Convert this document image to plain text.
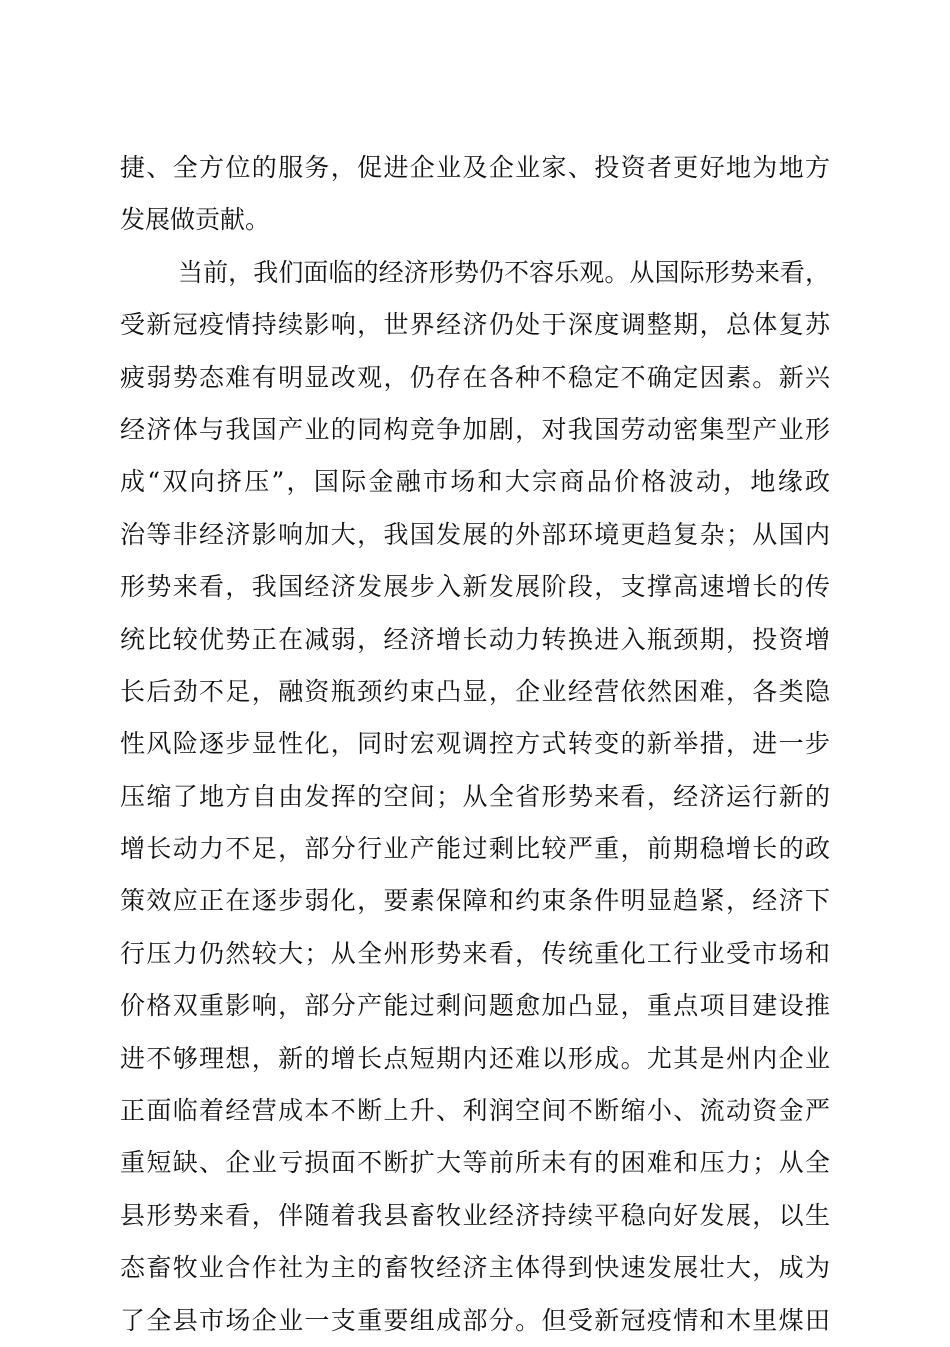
捷、全方位的服务，促进企业及企业家、投资者更好地为地方
发展做贡献。
当前，我们面临的经济形势仍不容乐观。从国际形势来看，
受新冠疫情持续影响，世界经济仍处于深度调整期，总体复苏
疲弱势态难有明显改观，仍存在各种不稳定不确定因素。新兴
经济体与我国产业的同构竞争加剧，对我国劳动密集型产业形
成“双向挤压”，国际金融市场和大宗商品价格波动，地缘政
治等非经济影响加大，我国发展的外部环境更趋复杂；从国内
形势来看，我国经济发展步入新发展阶段，支撑高速增长的传
统比较优势正在减弱，经济增长动力转换进入瓶颈期，投资增
长后劲不足，融资瓶颈约束凸显，企业经营依然困难，各类隐
性风险逐步显性化，同时宏观调控方式转变的新举措，进一步
压缩了地方自由发挥的空间；从全省形势来看，经济运行新的
增长动力不足，部分行业产能过剩比较严重，前期稳增长的政
策效应正在逐步弱化，要素保障和约束条件明显趋紧，经济下
行压力仍然较大；从全州形势来看，传统重化工行业受市场和
价格双重影响，部分产能过剩问题愈加凸显，重点项目建设推
进不够理想，新的增长点短期内还难以形成。尤其是州内企业
正面临着经营成本不断上升、利润空间不断缩小、流动资金严
重短缺、企业亏损面不断扩大等前所未有的困难和压力；从全
县形势来看，伴随着我县畜牧业经济持续平稳向好发展，以生
态畜牧业合作社为主的畜牧经济主体得到快速发展壮大，成为
了全县市场企业一支重要组成部分。但受新冠疫情和木里煤田
